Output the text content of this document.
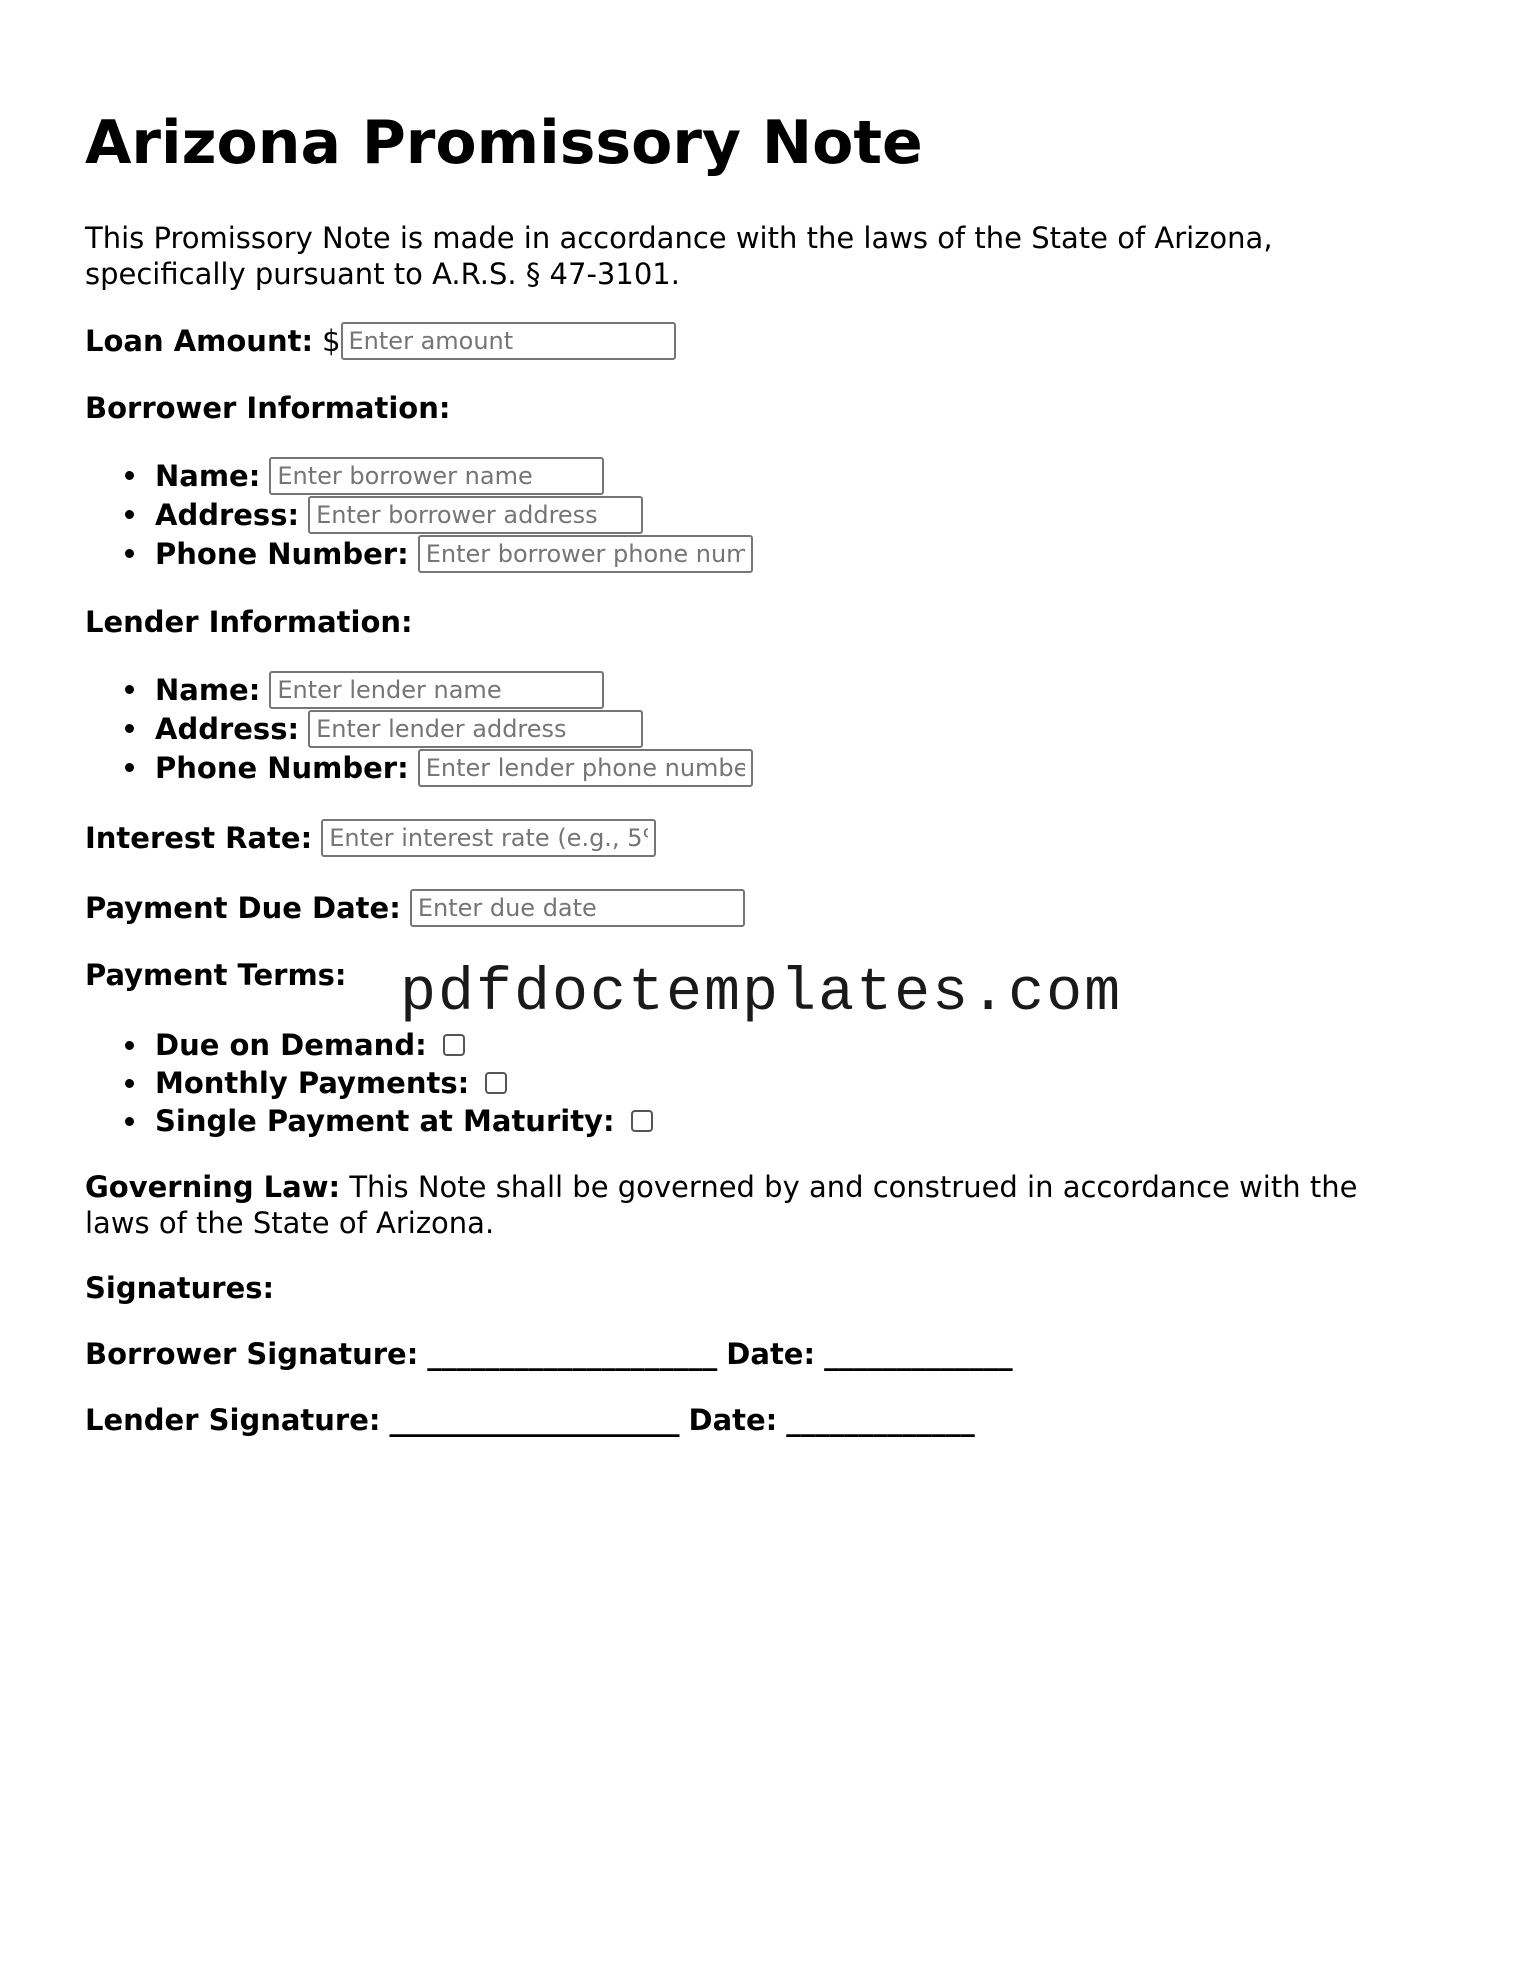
Arizona Promissory Note

This Promissory Note is made in accordance with the laws of the State of Arizona, specifically pursuant to A.R.S. § 47-3101.

Loan Amount: $
Enter amount
Borrower Information:
Name:
Enter borrower name
Address:
Enter borrower address
Phone Number:
Enter borrower phone number
Lender Information:
Name:
Enter lender name
Address:
Enter lender address
Phone Number:
Enter lender phone number
Interest Rate:
Enter interest rate (e.g., 5%)
Payment Due Date:
Enter due date
Payment Terms:
Due on Demand:
Monthly Payments:
Single Payment at Maturity:

Governing Law: This Note shall be governed by and construed in accordance with the laws of the State of Arizona.

Signatures:
Borrower Signature: ____________________ Date: _____________
Lender Signature: ____________________ Date: _____________
pdfdoctemplates.com
